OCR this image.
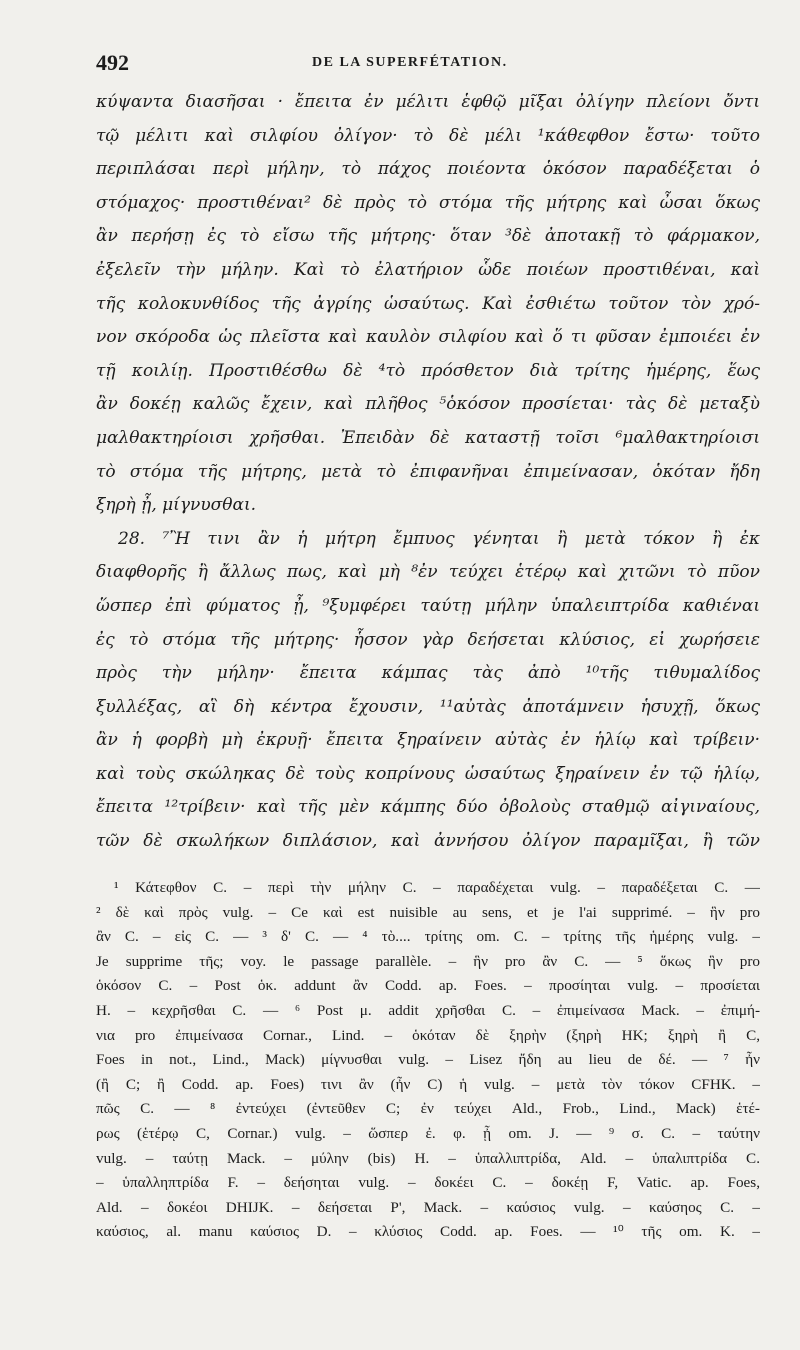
492	DE LA SUPERFÉTATION.
κύψαντα διασῆσαι · ἔπειτα ἐν μέλιτι ἑφθῷ μῖξαι ὀλίγην πλείονι ὄντι
τῷ μέλιτι καὶ σιλφίου ὀλίγον· τὸ δὲ μέλι ¹κάθεφθον ἔστω· τοῦτο
περιπλάσαι περὶ μήλην, τὸ πάχος ποιέοντα ὁκόσον παραδέξεται ὁ
στόμαχος· προστιθέναι² δὲ πρὸς τὸ στόμα τῆς μήτρης καὶ ὦσαι ὅκως
ἂν περήσῃ ἐς τὸ εἴσω τῆς μήτρης· ὅταν ³δὲ ἀποτακῇ τὸ φάρμακον,
ἐξελεῖν τὴν μήλην. Καὶ τὸ ἐλατήριον ὧδε ποιέων προστιθέναι, καὶ
τῆς κολοκυνθίδος τῆς ἀγρίης ὡσαύτως. Καὶ ἐσθιέτω τοῦτον τὸν χρό-
νον σκόροδα ὡς πλεῖστα καὶ καυλὸν σιλφίου καὶ ὅ τι φῦσαν ἐμποιέει ἐν
τῇ κοιλίῃ. Προστιθέσθω δὲ ⁴τὸ πρόσθετον διὰ τρίτης ἡμέρης, ἕως
ἂν δοκέῃ καλῶς ἔχειν, καὶ πλῆθος ⁵ὁκόσον προσίεται· τὰς δὲ μεταξὺ
μαλθακτηρίοισι χρῆσθαι. Ἐπειδὰν δὲ καταστῇ τοῖσι ⁶μαλθακτηρίοισι
τὸ στόμα τῆς μήτρης, μετὰ τὸ ἐπιφανῆναι ἐπιμείνασαν, ὁκόταν ἤδη
ξηρὴ ᾖ, μίγνυσθαι.
28. ⁷Ἢ τινι ἂν ἡ μήτρη ἔμπυος γένηται ἢ μετὰ τόκον ἢ ἐκ
διαφθορῆς ἢ ἄλλως πως, καὶ μὴ ⁸ἐν τεύχει ἑτέρῳ καὶ χιτῶνι τὸ πῦον
ὥσπερ ἐπὶ φύματος ᾖ, ⁹ξυμφέρει ταύτῃ μήλην ὑπαλειπτρίδα καθιέναι
ἐς τὸ στόμα τῆς μήτρης· ἧσσον γὰρ δεήσεται κλύσιος, εἰ χωρήσειε
πρὸς τὴν μήλην· ἔπειτα κάμπας τὰς ἀπὸ ¹⁰τῆς τιθυμαλίδος
ξυλλέξας, αἳ δὴ κέντρα ἔχουσιν, ¹¹αὐτὰς ἀποτάμνειν ἡσυχῇ, ὅκως
ἂν ἡ φορβὴ μὴ ἐκρυῇ· ἔπειτα ξηραίνειν αὐτὰς ἐν ἡλίῳ καὶ τρίβειν·
καὶ τοὺς σκώληκας δὲ τοὺς κοπρίνους ὡσαύτως ξηραίνειν ἐν τῷ ἡλίῳ,
ἔπειτα ¹²τρίβειν· καὶ τῆς μὲν κάμπης δύο ὀβολοὺς σταθμῷ αἰγιναίους,
τῶν δὲ σκωλήκων διπλάσιον, καὶ ἀννήσου ὀλίγον παραμῖξαι, ἢ τῶν
¹ Κάτεφθον C. – περὶ τὴν μήλην C. – παραδέχεται vulg. – παραδέξεται C. —
² δὲ καὶ πρὸς vulg. – Ce καὶ est nuisible au sens, et je l'ai supprimé. – ἣν pro
ἂν C. – εἰς C. — ³ δ' C. — ⁴ τὸ.... τρίτης om. C. – τρίτης τῆς ἡμέρης vulg. –
Je supprime τῆς; voy. le passage parallèle. – ἣν pro ἂν C. — ⁵ ὅκως ἣν pro
ὁκόσον C. – Post ὁκ. addunt ἂν Codd. ap. Foes. – προσίηται vulg. – προσίεται
H. – κεχρῆσθαι C. — ⁶ Post μ. addit χρῆσθαι C. – ἐπιμείνασα Mack. – ἐπιμή-
νια pro ἐπιμείνασα Cornar., Lind. – ὁκόταν δὲ ξηρὴν (ξηρὴ HK; ξηρὴ ἢ C,
Foes in not., Lind., Mack) μίγνυσθαι vulg. – Lisez ἤδη au lieu de δέ. — ⁷ ἦν
(ἢ C; ἢ Codd. ap. Foes) τινι ἂν (ἦν C) ἡ vulg. – μετὰ τὸν τόκον CFHK. –
πῶς C. — ⁸ ἐντεύχει (ἐντεῦθεν C; ἐν τεύχει Ald., Frob., Lind., Mack) ἑτέ-
ρως (ἑτέρῳ C, Cornar.) vulg. – ὥσπερ ἐ. φ. ᾖ om. J. — ⁹ σ. C. – ταύτην
vulg. – ταύτῃ Mack. – μύλην (bis) H. – ὑπαλλιπτρίδα, Ald. – ὑπαλιπτρίδα C.
– ὑπαλληπτρίδα F. – δεήσηται vulg. – δοκέει C. – δοκέῃ F, Vatic. ap. Foes,
Ald. – δοκέοι DHIJK. – δεήσεται P', Mack. – καύσιος vulg. – καύσηος C. –
καύσιος, al. manu καύσιος D. – κλύσιος Codd. ap. Foes. — ¹⁰ τῆς om. K. –
